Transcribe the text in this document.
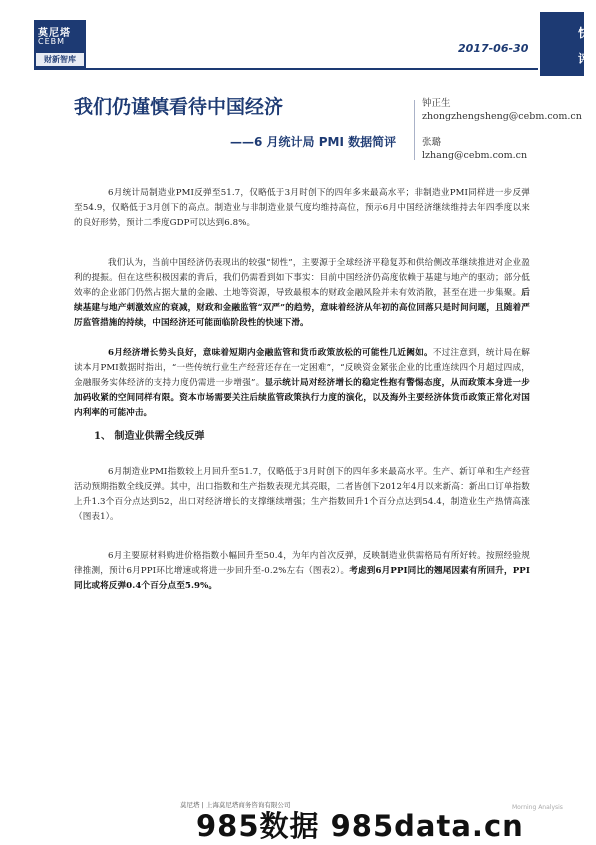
莫尼塔
CEBM
财新智库
2017-06-30
快
评
我们仍谨慎看待中国经济
——6 月统计局 PMI 数据简评
钟正生
zhongzhengsheng@cebm.com.cn
张璐
lzhang@cebm.com.cn
6月统计局制造业PMI反弹至51.7，仅略低于3月时创下的四年多来最高水平；非制造业PMI同样进一步反弹至54.9，仅略低于3月创下的高点。制造业与非制造业景气度均维持高位，预示6月中国经济继续维持去年四季度以来的良好形势，预计二季度GDP可以达到6.8%。
我们认为，当前中国经济仍表现出的较强“韧性”，主要源于全球经济平稳复苏和供给侧改革继续推进对企业盈利的提振。但在这些积极因素的背后，我们仍需看到如下事实：目前中国经济仍高度依赖于基建与地产的驱动；部分低效率的企业部门仍然占据大量的金融、土地等资源，导致最根本的财政金融风险并未有效消散，甚至在进一步集聚。后续基建与地产刺激效应的衰减，财政和金融监管“双严”的趋势，意味着经济从年初的高位回落只是时间问题，且随着严厉监管措施的持续，中国经济还可能面临阶段性的快速下滑。
6月经济增长势头良好，意味着短期内金融监管和货币政策放松的可能性几近阙如。不过注意到，统计局在解读本月PMI数据时指出，“一些传统行业生产经营还存在一定困难”，“反映资金紧张企业的比重连续四个月超过四成，金融服务实体经济的支持力度仍需进一步增强”。显示统计局对经济增长的稳定性抱有警惕态度，从而政策本身进一步加码收紧的空间同样有限。资本市场需要关注后续监管政策执行力度的演化，以及海外主要经济体货币政策正常化对国内利率的可能冲击。
1、 制造业供需全线反弹
6月制造业PMI指数较上月回升至51.7，仅略低于3月时创下的四年多来最高水平。生产、新订单和生产经营活动预期指数全线反弹。其中，出口指数和生产指数表现尤其亮眼，二者皆创下2012年4月以来新高：新出口订单指数上升1.3个百分点达到52，出口对经济增长的支撑继续增强；生产指数回升1个百分点达到54.4，制造业生产热情高涨（图表1）。
6月主要原材料购进价格指数小幅回升至50.4，为年内首次反弹，反映制造业供需格局有所好转。按照经验规律推测，预计6月PPI环比增速或将进一步回升至-0.2%左右（图表2）。考虑到6月PPI同比的翘尾因素有所回升，PPI同比或将反弹0.4个百分点至5.9%。
莫尼塔 | 上海莫尼塔商务咨询有限公司
985数据 985data.cn
Morning Analysis
